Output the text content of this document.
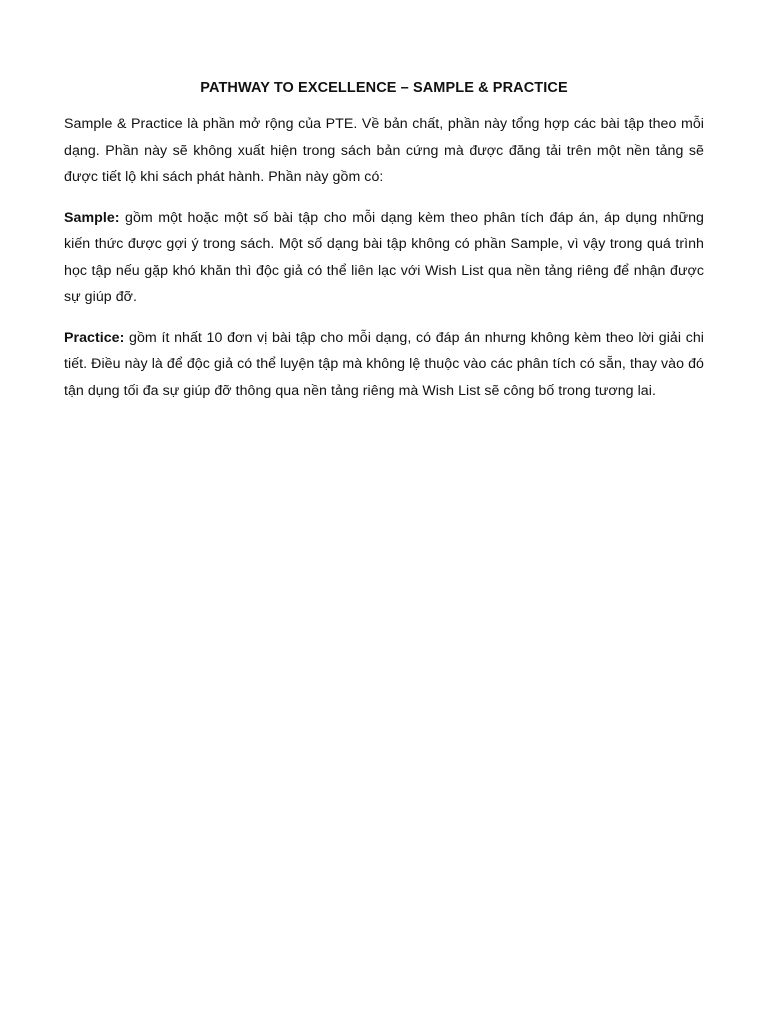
PATHWAY TO EXCELLENCE – SAMPLE & PRACTICE

Sample & Practice là phần mở rộng của PTE. Về bản chất, phần này tổng hợp các bài tập theo mỗi dạng. Phần này sẽ không xuất hiện trong sách bản cứng mà được đăng tải trên một nền tảng sẽ được tiết lộ khi sách phát hành. Phần này gồm có:

Sample: gồm một hoặc một số bài tập cho mỗi dạng kèm theo phân tích đáp án, áp dụng những kiến thức được gợi ý trong sách. Một số dạng bài tập không có phần Sample, vì vậy trong quá trình học tập nếu gặp khó khăn thì độc giả có thể liên lạc với Wish List qua nền tảng riêng để nhận được sự giúp đỡ.

Practice: gồm ít nhất 10 đơn vị bài tập cho mỗi dạng, có đáp án nhưng không kèm theo lời giải chi tiết. Điều này là để độc giả có thể luyện tập mà không lệ thuộc vào các phân tích có sẵn, thay vào đó tận dụng tối đa sự giúp đỡ thông qua nền tảng riêng mà Wish List sẽ công bố trong tương lai.
